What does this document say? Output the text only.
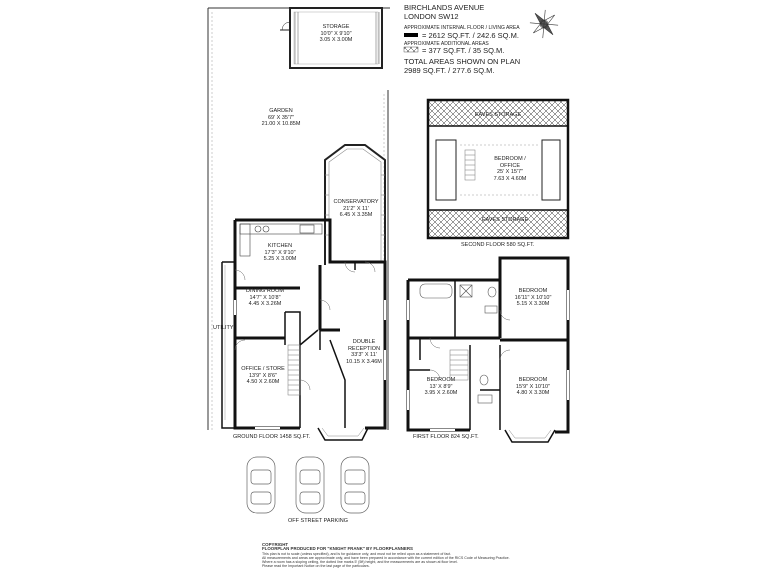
BIRCHLANDS AVENUE
LONDON SW12
APPROXIMATE INTERNAL FLOOR / LIVING AREA
= 2612 SQ.FT. / 242.6 SQ.M.
APPROXIMATE ADDITIONAL AREAS
= 377 SQ.FT. / 35 SQ.M.
TOTAL AREAS SHOWN ON PLAN
2989 SQ.FT. / 277.6 SQ.M.
STORAGE
10'0" X 9'10"
3.05 X 3.00M
GARDEN
69' X 35'7"
21.00 X 10.85M
CONSERVATORY
21'2" X 11'
6.45 X 3.35M
KITCHEN
17'3" X 9'10"
5.25 X 3.00M
DINING ROOM
14'7" X 10'8"
4.45 X 3.26M
UTILITY
OFFICE / STORE
13'9" X 8'6"
4.50 X 2.60M
DOUBLE
RECEPTION
33'3" X 11'
10.15 X 3.46M
EAVES STORAGE
EAVES STORAGE
BEDROOM /
OFFICE
25' X 15'7"
7.63 X 4.60M
BEDROOM
16'11" X 10'10"
5.15 X 3.30M
BEDROOM
13' X 8'9"
3.95 X 2.60M
BEDROOM
15'9" X 10'10"
4.80 X 3.30M
GROUND FLOOR 1458 SQ.FT.	FIRST FLOOR 824 SQ.FT.
SECOND FLOOR 580 SQ.FT.
OFF STREET PARKING
COPYRIGHT
FLOORPLAN PRODUCED FOR "KNIGHT FRANK" BY FLOORPLANNERS
This plan is not to scale (unless specified), and is for guidance only, and must not be relied upon as a statement of fact.
All measurements and areas are approximate only, and have been prepared in accordance with the current edition of the RICS Code of Measuring Practice.
Where a room has a sloping ceiling, the dotted line marks 5' (5ft) height, and the measurements are as shown at floor level.
Please read the Important Notice on the last page of the particulars.
